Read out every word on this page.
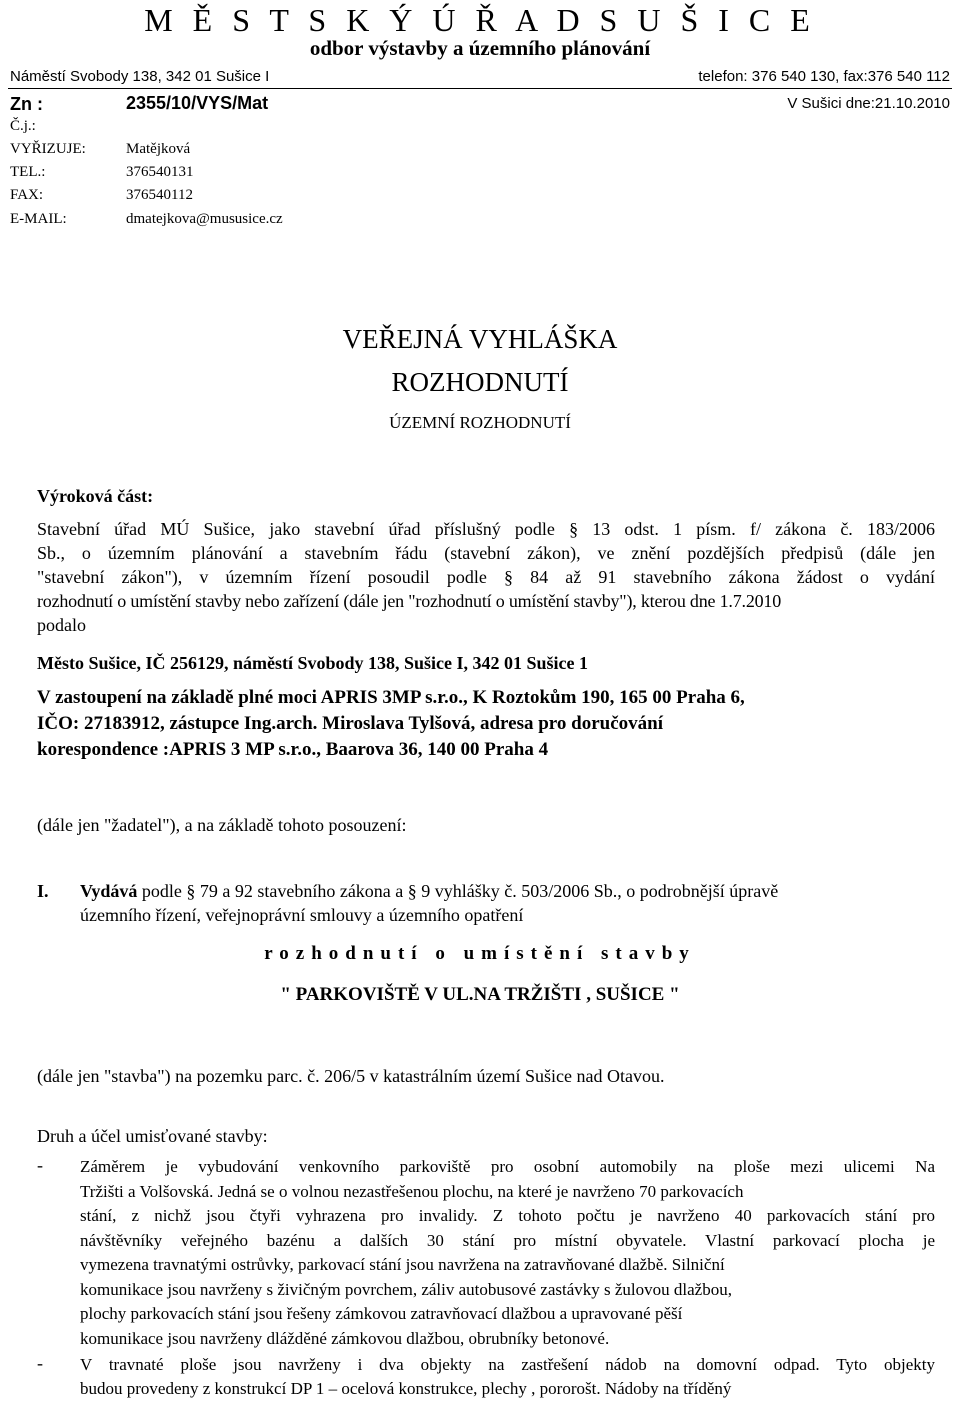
M Ě S T S K Ý Ú Ř A D S U Š I C E
odbor výstavby a územního plánování
Náměstí Svobody 138, 342 01 Sušice I	telefon: 376 540 130, fax:376 540 112
Zn :	2355/10/VYS/Mat	V Sušici dne:21.10.2010
Č.j.:
VYŘIZUJE:	Matějková
TEL.:	376540131
FAX:	376540112
E-MAIL:	dmatejkova@mususice.cz
VEŘEJNÁ VYHLÁŠKA
ROZHODNUTÍ
ÚZEMNÍ ROZHODNUTÍ
Výroková část:
Stavební úřad MÚ Sušice, jako stavební úřad příslušný podle § 13 odst. 1 písm. f/ zákona č. 183/2006
Sb., o územním plánování a stavebním řádu (stavební zákon), ve znění pozdějších předpisů (dále jen
"stavební zákon"), v územním řízení posoudil podle § 84 až 91 stavebního zákona žádost o vydání
rozhodnutí o umístění stavby nebo zařízení (dále jen "rozhodnutí o umístění stavby"), kterou dne 1.7.2010
podalo
Město Sušice, IČ 256129, náměstí Svobody 138, Sušice I, 342 01 Sušice 1
V zastoupení na základě plné moci APRIS 3MP s.r.o., K Roztokům 190, 165 00 Praha 6,
IČO: 27183912, zástupce Ing.arch. Miroslava Tylšová, adresa pro doručování
korespondence :APRIS 3 MP s.r.o., Baarova 36, 140 00 Praha 4
(dále jen "žadatel"), a na základě tohoto posouzení:
I.	Vydává podle § 79 a 92 stavebního zákona a § 9 vyhlášky č. 503/2006 Sb., o podrobnější úpravě
územního řízení, veřejnoprávní smlouvy a územního opatření
rozhodnutí o umístění stavby
" PARKOVIŠTĚ V UL.NA TRŽIŠTI , SUŠICE "
(dále jen "stavba") na pozemku parc. č. 206/5 v katastrálním území Sušice nad Otavou.
Druh a účel umisťované stavby:
- Záměrem je vybudování venkovního parkoviště pro osobní automobily na ploše mezi ulicemi Na
Tržišti a Volšovská. Jedná se o volnou nezastřešenou plochu, na které je navrženo 70 parkovacích
stání, z nichž jsou čtyři vyhrazena pro invalidy. Z tohoto počtu je navrženo 40 parkovacích stání pro
návštěvníky veřejného bazénu a dalších 30 stání pro místní obyvatele. Vlastní parkovací plocha je
vymezena travnatými ostrůvky, parkovací stání jsou navržena na zatravňované dlažbě. Silniční
komunikace jsou navrženy s živičným povrchem, záliv autobusové zastávky s žulovou dlažbou,
plochy parkovacích stání jsou řešeny zámkovou zatravňovací dlažbou a upravované pěší
komunikace jsou navrženy dlážděné zámkovou dlažbou, obrubníky betonové.
- V travnaté ploše jsou navrženy i dva objekty na zastřešení nádob na domovní odpad. Tyto objekty
budou provedeny z konstrukcí DP 1 – ocelová konstrukce, plechy , pororošt. Nádoby na tříděný
